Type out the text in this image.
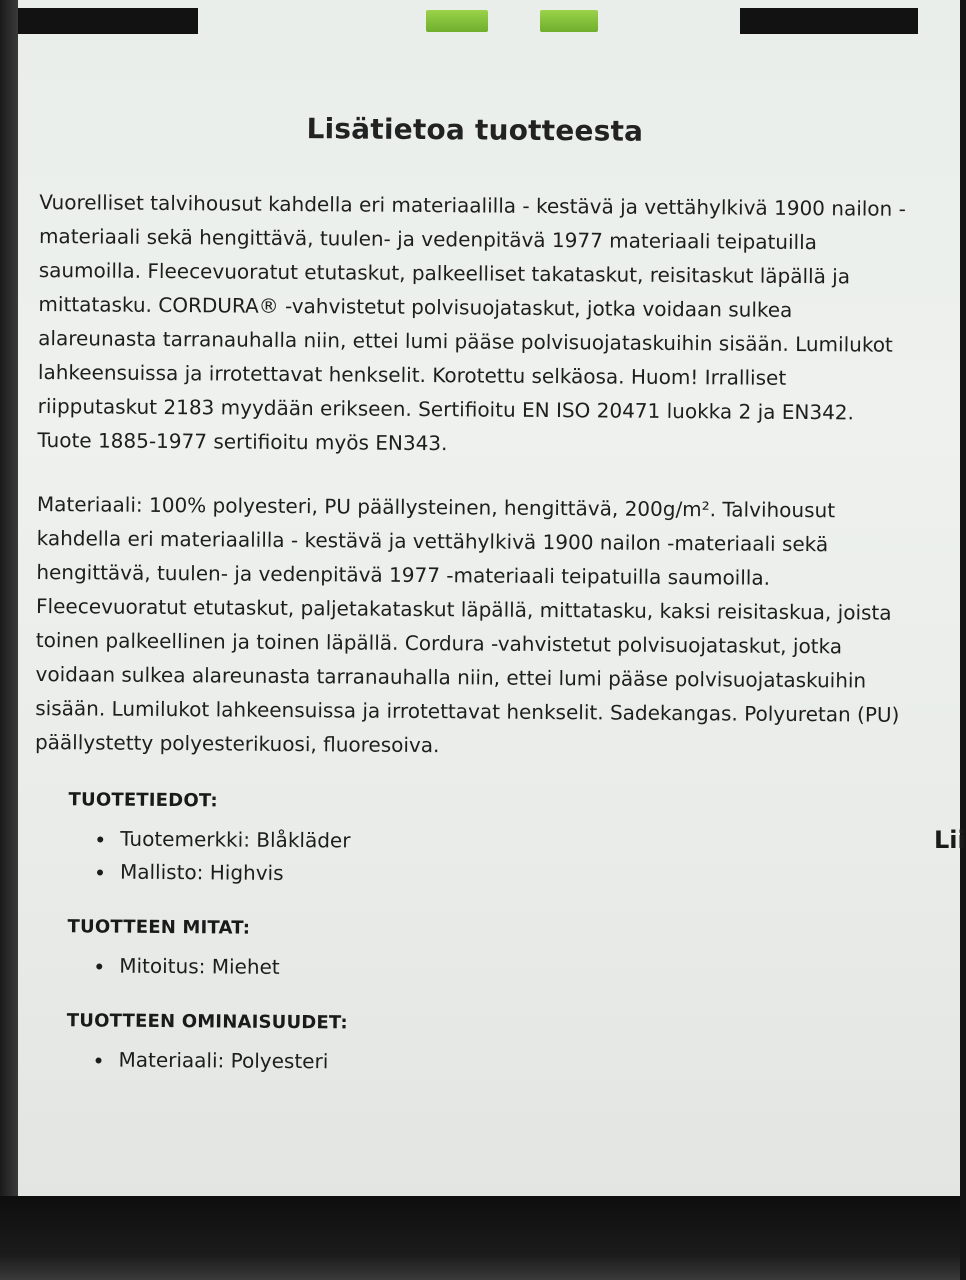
Lisätietoa tuotteesta

Vuorelliset talvihousut kahdella eri materiaalilla - kestävä ja vettähylkivä 1900 nailon -materiaali sekä hengittävä, tuulen- ja vedenpitävä 1977 materiaali teipatuilla saumoilla. Fleecevuoratut etutaskut, palkeelliset takataskut, reisitaskut läpällä ja mittatasku. CORDURA® -vahvistetut polvisuojataskut, jotka voidaan sulkea alareunasta tarranauhalla niin, ettei lumi pääse polvisuojataskuihin sisään. Lumilukot lahkeensuissa ja irrotettavat henkselit. Korotettu selkäosa. Huom! Irralliset riipputaskut 2183 myydään erikseen. Sertifioitu EN ISO 20471 luokka 2 ja EN342. Tuote 1885-1977 sertifioitu myös EN343.

Materiaali: 100% polyesteri, PU päällysteinen, hengittävä, 200g/m². Talvihousut kahdella eri materiaalilla - kestävä ja vettähylkivä 1900 nailon -materiaali sekä hengittävä, tuulen- ja vedenpitävä 1977 -materiaali teipatuilla saumoilla. Fleecevuoratut etutaskut, paljetakataskut läpällä, mittatasku, kaksi reisitaskua, joista toinen palkeellinen ja toinen läpällä. Cordura -vahvistetut polvisuojataskut, jotka voidaan sulkea alareunasta tarranauhalla niin, ettei lumi pääse polvisuojataskuihin sisään. Lumilukot lahkeensuissa ja irrotettavat henkselit. Sadekangas. Polyuretan (PU) päällystetty polyesterikuosi, fluoresoiva.

TUOTETIEDOT:
• Tuotemerkki: Blåkläder
• Mallisto: Highvis
TUOTTEEN MITAT:
• Mitoitus: Miehet
TUOTTEEN OMINAISUUDET:
• Materiaali: Polyesteri
Lii
